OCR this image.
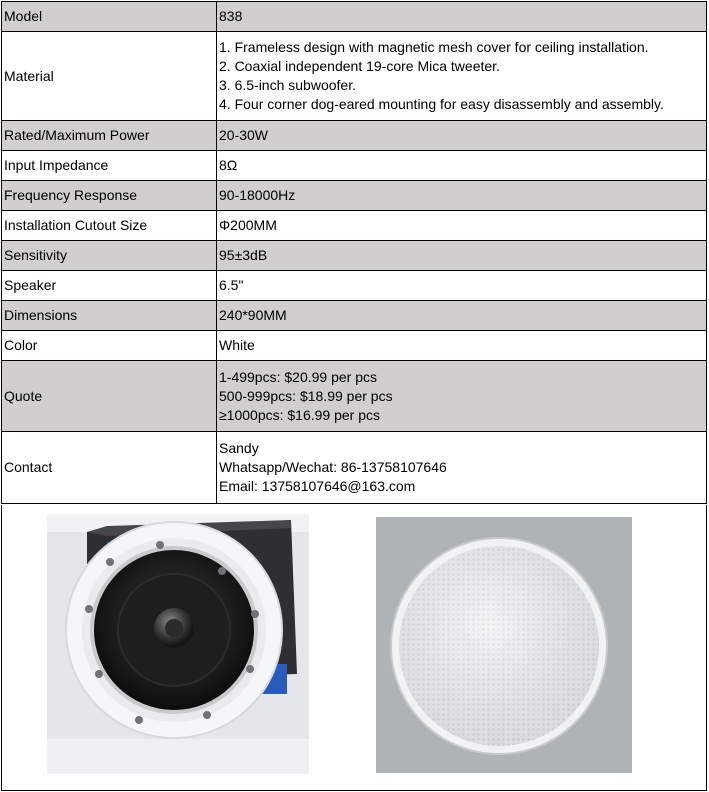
Model	838
Material	1. Frameless design with magnetic mesh cover for ceiling installation.
2. Coaxial independent 19-core Mica tweeter.
3. 6.5-inch subwoofer.
4. Four corner dog-eared mounting for easy disassembly and assembly.

Rated/Maximum Power	20-30W
Input Impedance	8Ω
Frequency Response	90-18000Hz
Installation Cutout Size	Φ200MM
Sensitivity	95±3dB
Speaker	6.5"
Dimensions	240*90MM
Color	White
Quote	1-499pcs: $20.99 per pcs
500-999pcs: $18.99 per pcs
≥1000pcs: $16.99 per pcs

Contact	Sandy
Whatsapp/Wechat: 86-13758107646
Email: 13758107646@163.com
